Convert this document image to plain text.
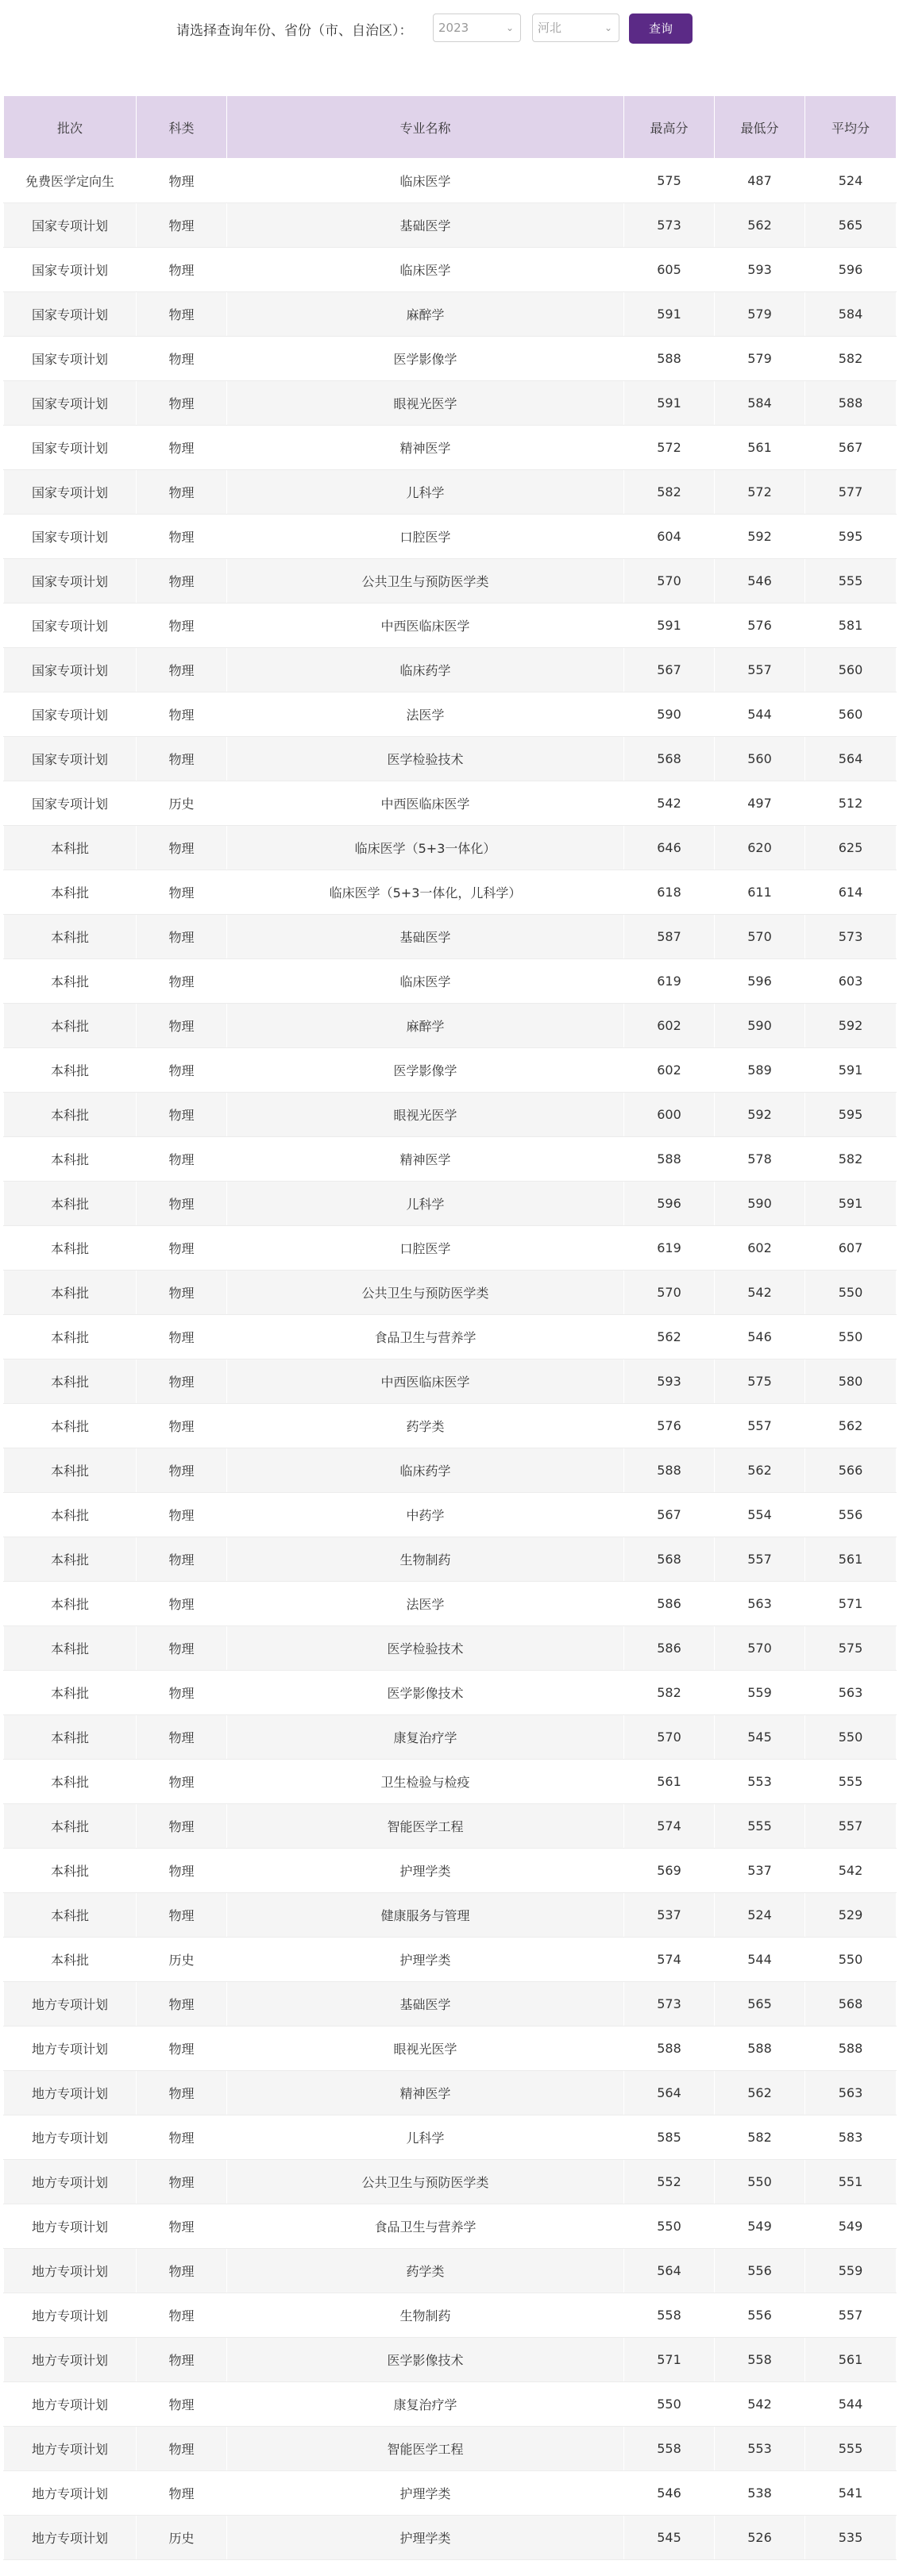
请选择查询年份、省份（市、自治区）：	2023	⌄	河北	⌄	查询
批次	科类	专业名称	最高分	最低分	平均分
免费医学定向生	物理	临床医学	575	487	524
国家专项计划	物理	基础医学	573	562	565
国家专项计划	物理	临床医学	605	593	596
国家专项计划	物理	麻醉学	591	579	584
国家专项计划	物理	医学影像学	588	579	582
国家专项计划	物理	眼视光医学	591	584	588
国家专项计划	物理	精神医学	572	561	567
国家专项计划	物理	儿科学	582	572	577
国家专项计划	物理	口腔医学	604	592	595
国家专项计划	物理	公共卫生与预防医学类	570	546	555
国家专项计划	物理	中西医临床医学	591	576	581
国家专项计划	物理	临床药学	567	557	560
国家专项计划	物理	法医学	590	544	560
国家专项计划	物理	医学检验技术	568	560	564
国家专项计划	历史	中西医临床医学	542	497	512
本科批	物理	临床医学（5+3一体化）	646	620	625
本科批	物理	临床医学（5+3一体化，儿科学）	618	611	614
本科批	物理	基础医学	587	570	573
本科批	物理	临床医学	619	596	603
本科批	物理	麻醉学	602	590	592
本科批	物理	医学影像学	602	589	591
本科批	物理	眼视光医学	600	592	595
本科批	物理	精神医学	588	578	582
本科批	物理	儿科学	596	590	591
本科批	物理	口腔医学	619	602	607
本科批	物理	公共卫生与预防医学类	570	542	550
本科批	物理	食品卫生与营养学	562	546	550
本科批	物理	中西医临床医学	593	575	580
本科批	物理	药学类	576	557	562
本科批	物理	临床药学	588	562	566
本科批	物理	中药学	567	554	556
本科批	物理	生物制药	568	557	561
本科批	物理	法医学	586	563	571
本科批	物理	医学检验技术	586	570	575
本科批	物理	医学影像技术	582	559	563
本科批	物理	康复治疗学	570	545	550
本科批	物理	卫生检验与检疫	561	553	555
本科批	物理	智能医学工程	574	555	557
本科批	物理	护理学类	569	537	542
本科批	物理	健康服务与管理	537	524	529
本科批	历史	护理学类	574	544	550
地方专项计划	物理	基础医学	573	565	568
地方专项计划	物理	眼视光医学	588	588	588
地方专项计划	物理	精神医学	564	562	563
地方专项计划	物理	儿科学	585	582	583
地方专项计划	物理	公共卫生与预防医学类	552	550	551
地方专项计划	物理	食品卫生与营养学	550	549	549
地方专项计划	物理	药学类	564	556	559
地方专项计划	物理	生物制药	558	556	557
地方专项计划	物理	医学影像技术	571	558	561
地方专项计划	物理	康复治疗学	550	542	544
地方专项计划	物理	智能医学工程	558	553	555
地方专项计划	物理	护理学类	546	538	541
地方专项计划	历史	护理学类	545	526	535
